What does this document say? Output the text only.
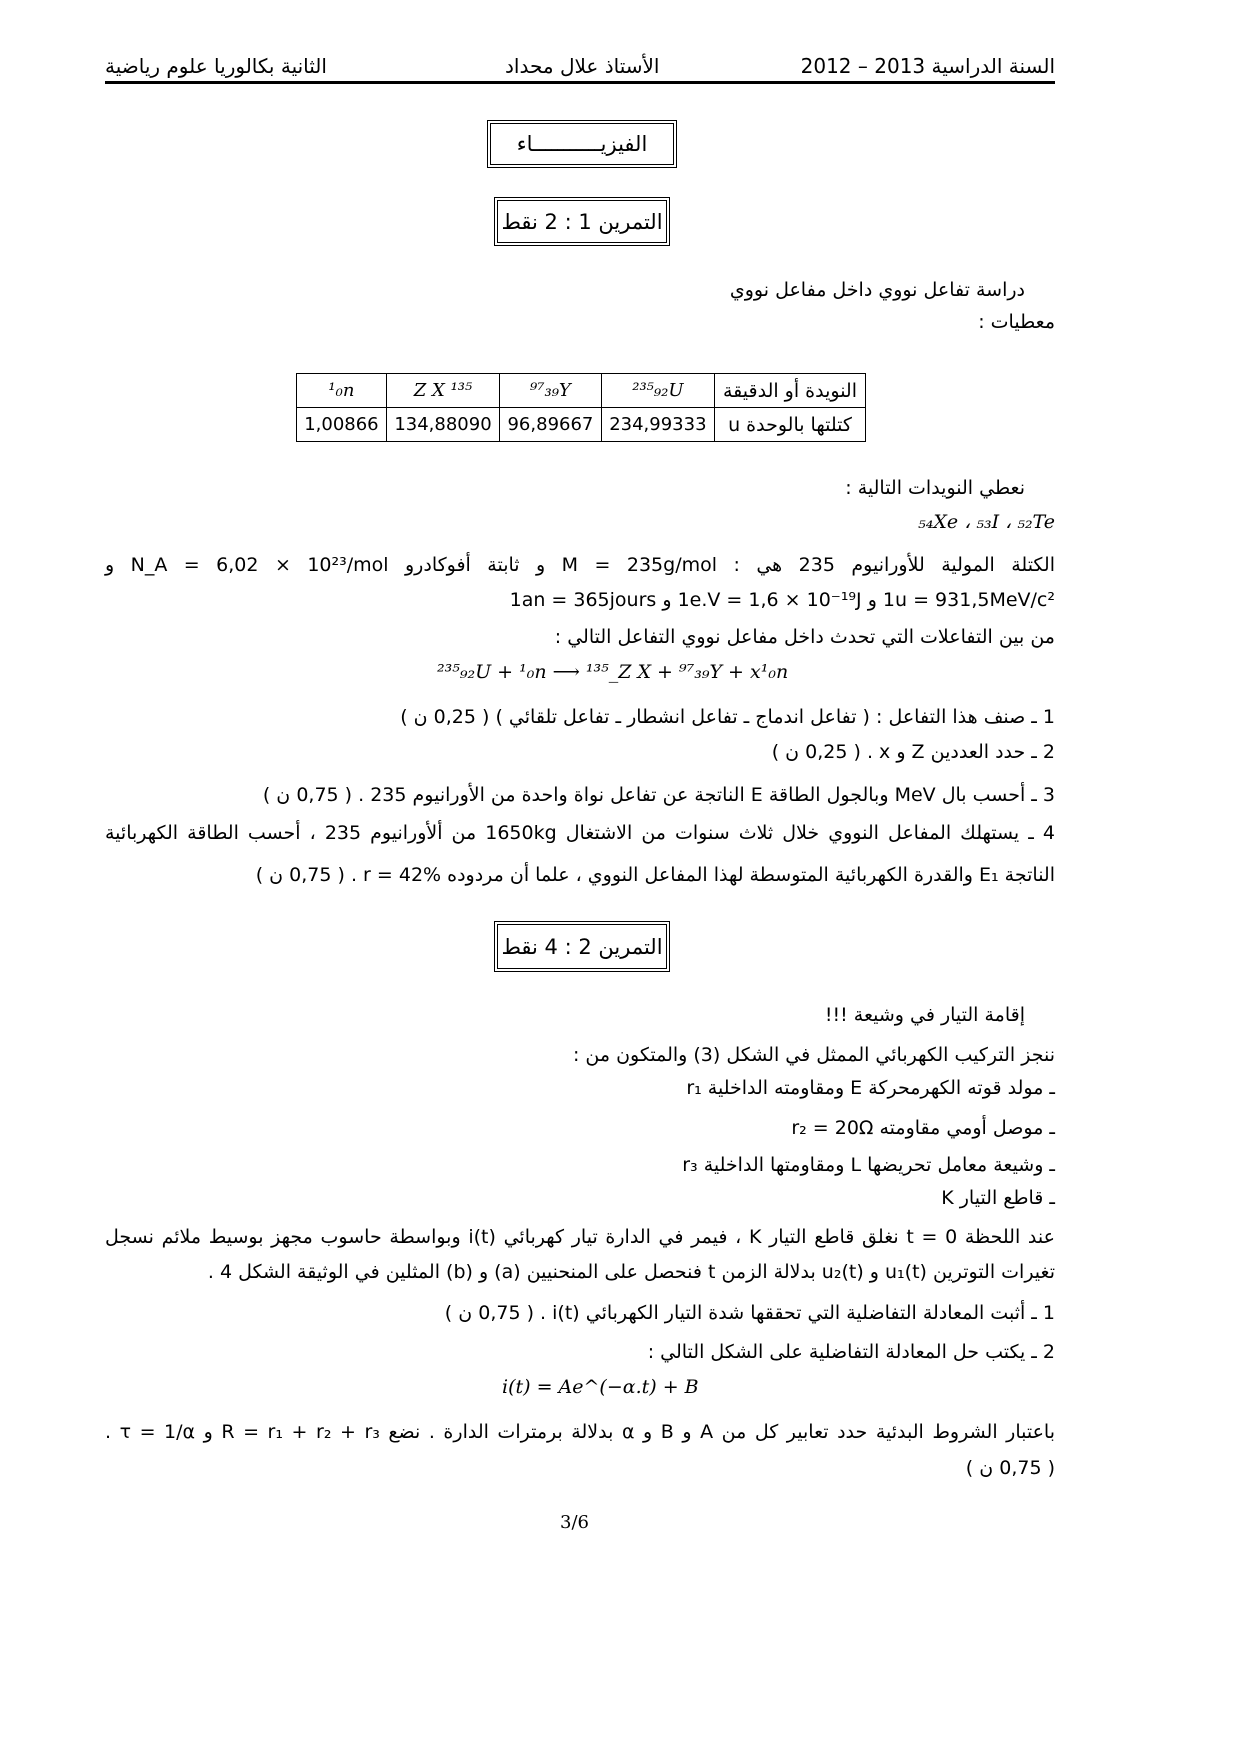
السنة الدراسية 2013 – 2012
الأستاذ علال محداد
الثانية بكالوريا علوم رياضية
الفيزيـــــــــــاء
التمرين 1 : 2 نقط
دراسة تفاعل نووي داخل مفاعل نووي
معطيات :
النويدة أو الدقيقة	²³⁵₉₂U	⁹⁷₃₉Y	¹³⁵ Z X	¹₀n
كتلتها بالوحدة u	234,99333	96,89667	134,88090	1,00866
نعطي النويدات التالية :
₅₄Xe ، ₅₃I ، ₅₂Te
الكتلة المولية للأورانيوم 235 هي : M = 235g/mol و ثابتة أفوكادرو N_A = 6,02 × 10²³/mol و
1u = 931,5MeV/c² و 1e.V = 1,6 × 10⁻¹⁹J و 1an = 365jours
من بين التفاعلات التي تحدث داخل مفاعل نووي التفاعل التالي :
²³⁵₉₂U + ¹₀n ⟶ ¹³⁵_Z X + ⁹⁷₃₉Y + x¹₀n
1 ـ صنف هذا التفاعل : ( تفاعل اندماج ـ تفاعل انشطار ـ تفاعل تلقائي ) ( 0,25 ن )
2 ـ حدد العددين Z و x . ( 0,25 ن )
3 ـ أحسب بال MeV وبالجول الطاقة E الناتجة عن تفاعل نواة واحدة من الأورانيوم 235 . ( 0,75 ن )
4 ـ يستهلك المفاعل النووي خلال ثلاث سنوات من الاشتغال 1650kg من ألأورانيوم 235 ، أحسب الطاقة الكهربائية
الناتجة E₁ والقدرة الكهربائية المتوسطة لهذا المفاعل النووي ، علما أن مردوده r = 42% . ( 0,75 ن )
التمرين 2 : 4 نقط
إقامة التيار في وشيعة !!!
ننجز التركيب الكهربائي الممثل في الشكل (3) والمتكون من :
ـ مولد قوته الكهرمحركة E ومقاومته الداخلية r₁
ـ موصل أومي مقاومته r₂ = 20Ω
ـ وشيعة معامل تحريضها L ومقاومتها الداخلية r₃
ـ قاطع التيار K
عند اللحظة t = 0 نغلق قاطع التيار K ، فيمر في الدارة تيار كهربائي i(t) وبواسطة حاسوب مجهز بوسيط ملائم نسجل
تغيرات التوترين u₁(t) و u₂(t) بدلالة الزمن t فنحصل على المنحنيين (a) و (b) المثلين في الوثيقة الشكل 4 .
1 ـ أثبت المعادلة التفاضلية التي تحققها شدة التيار الكهربائي i(t) . ( 0,75 ن )
2 ـ يكتب حل المعادلة التفاضلية على الشكل التالي :
i(t) = Ae^(−α.t) + B
باعتبار الشروط البدئية حدد تعابير كل من A و B و α بدلالة برمترات الدارة . نضع R = r₁ + r₂ + r₃ و τ = 1/α .
( 0,75 ن )
3/6
